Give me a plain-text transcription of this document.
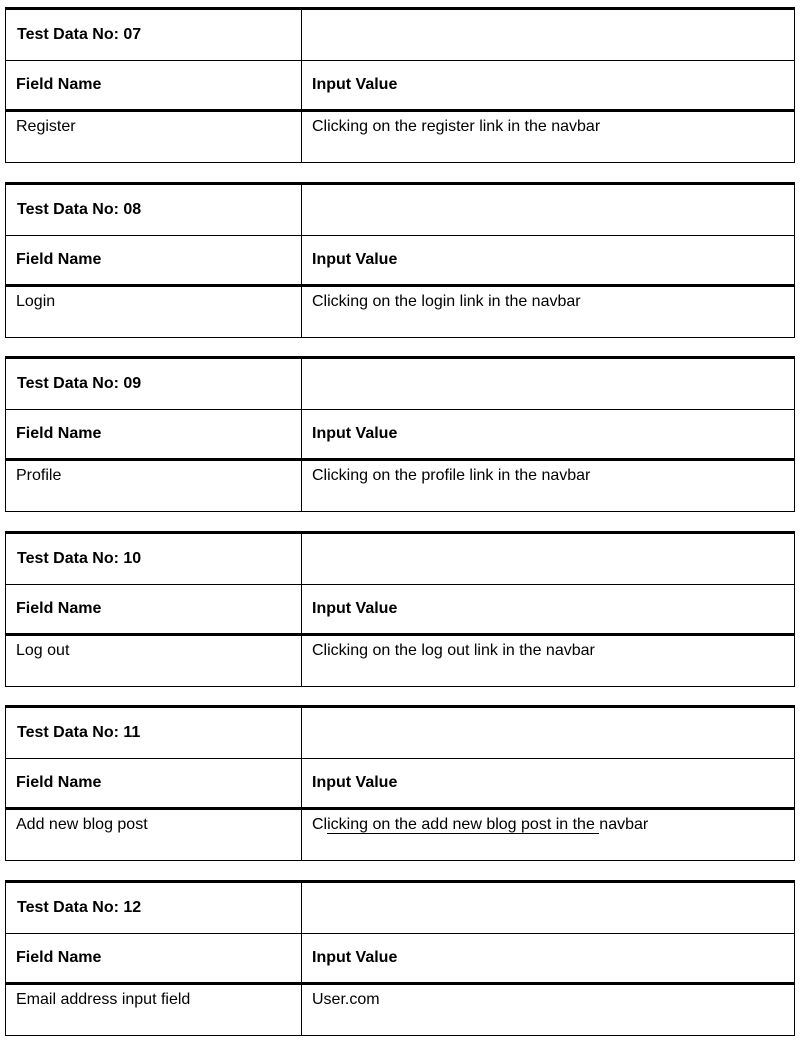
Test Data No: 07	
Field Name	Input Value
Register	Clicking on the register link in the navbar
Test Data No: 08	
Field Name	Input Value
Login	Clicking on the login link in the navbar
Test Data No: 09	
Field Name	Input Value
Profile	Clicking on the profile link in the navbar
Test Data No: 10	
Field Name	Input Value
Log out	Clicking on the log out link in the navbar
Test Data No: 11	
Field Name	Input Value
Add new blog post	Clicking on the add new blog post in the navbar
Test Data No: 12	
Field Name	Input Value
Email address input field	User.com
